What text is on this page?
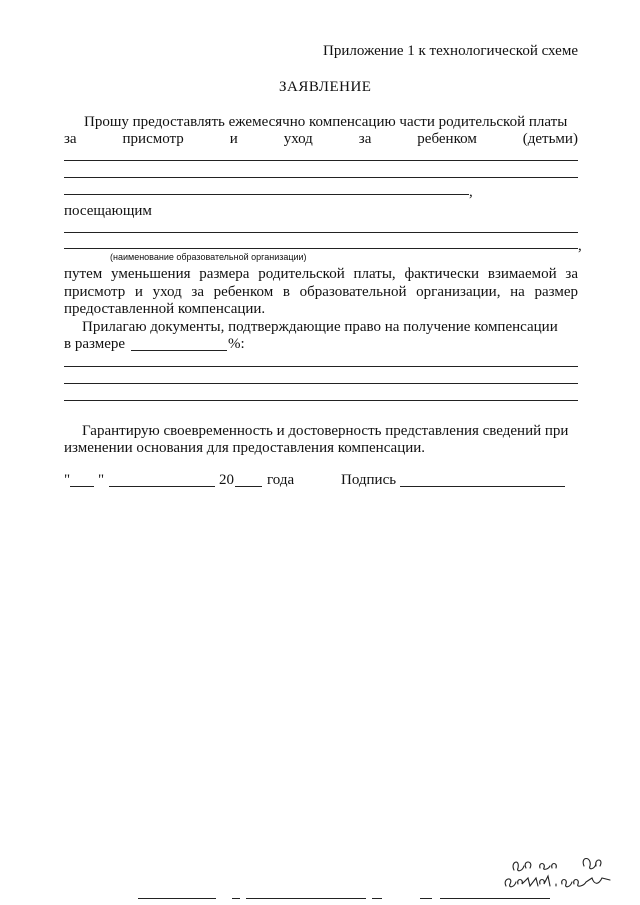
Приложение 1 к технологической схеме
ЗАЯВЛЕНИЕ
Прошу предоставлять ежемесячно компенсацию части родительской платы
за	присмотр	и	уход	за	ребенком	(детьми)
,
посещающим
,
(наименование образовательной организации)
путем уменьшения размера родительской платы, фактически взимаемой за
присмотр и уход за ребенком в образовательной организации, на размер
предоставленной компенсации.
Прилагаю документы, подтверждающие право на получение компенсации
в размере	%:
Гарантирую своевременность и достоверность представления сведений при
изменении основания для предоставления компенсации.
" "	20 года	Подпись
